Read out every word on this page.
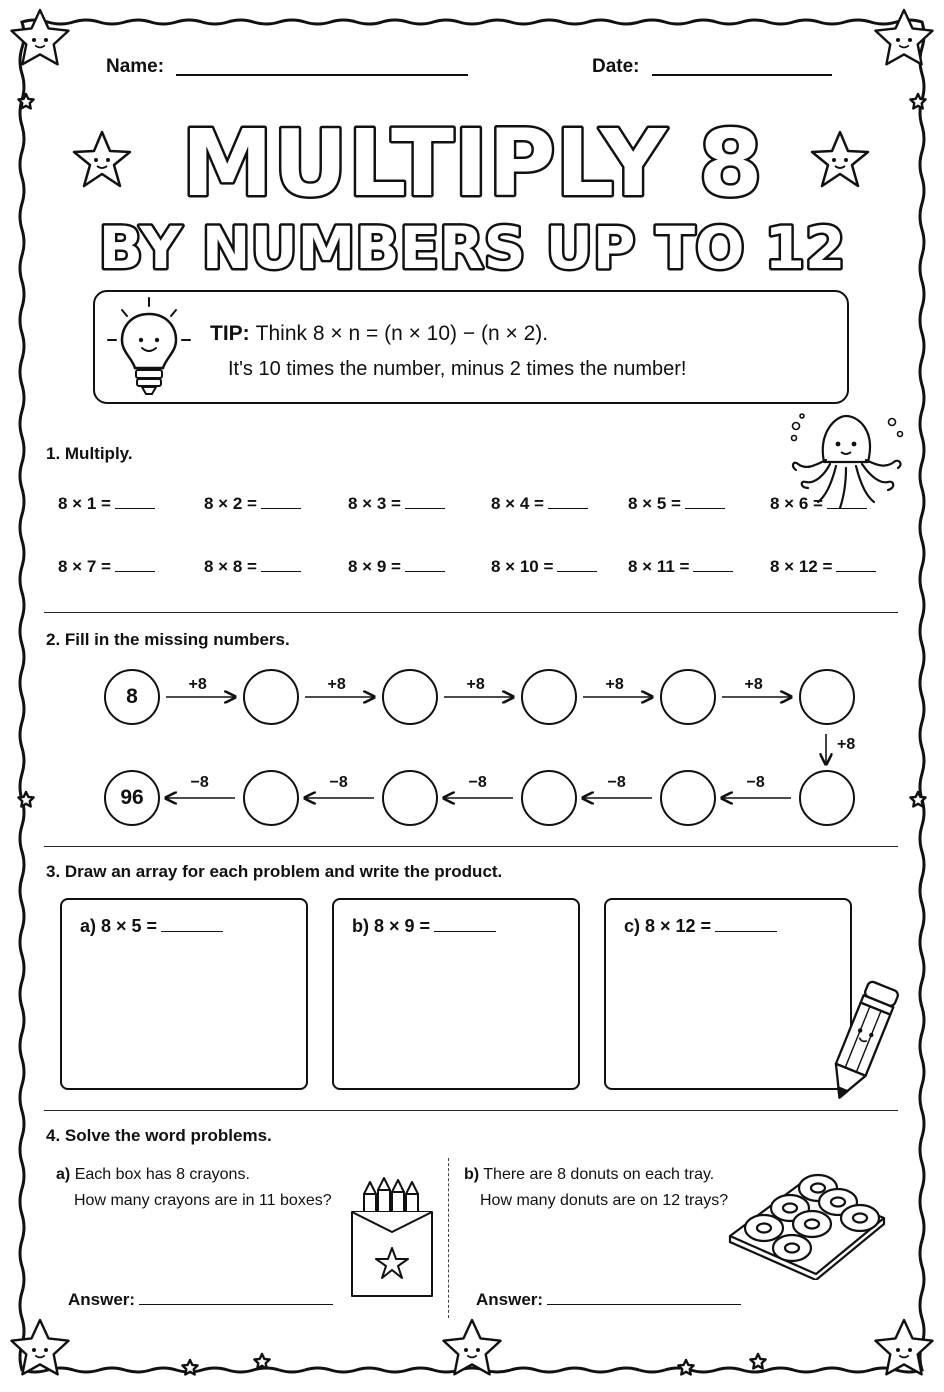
Name:	Date:
MULTIPLY 8
BY NUMBERS UP TO 12
TIP: Think 8 × n = (n × 10) − (n × 2).
It's 10 times the number, minus 2 times the number!
1. Multiply.
8 × 1 =	8 × 2 =	8 × 3 =	8 × 4 =	8 × 5 =	8 × 6 =
8 × 7 =	8 × 8 =	8 × 9 =	8 × 10 =	8 × 11 =	8 × 12 =
2. Fill in the missing numbers.
8
96
+8
−8
+8
−8
+8
−8
+8
−8
+8
−8
+8
3. Draw an array for each problem and write the product.
a) 8 × 5 =	b) 8 × 9 =	c) 8 × 12 =
4. Solve the word problems.
a) Each box has 8 crayons.
How many crayons are in 11 boxes?
b) There are 8 donuts on each tray.
How many donuts are on 12 trays?
Answer:	Answer:
